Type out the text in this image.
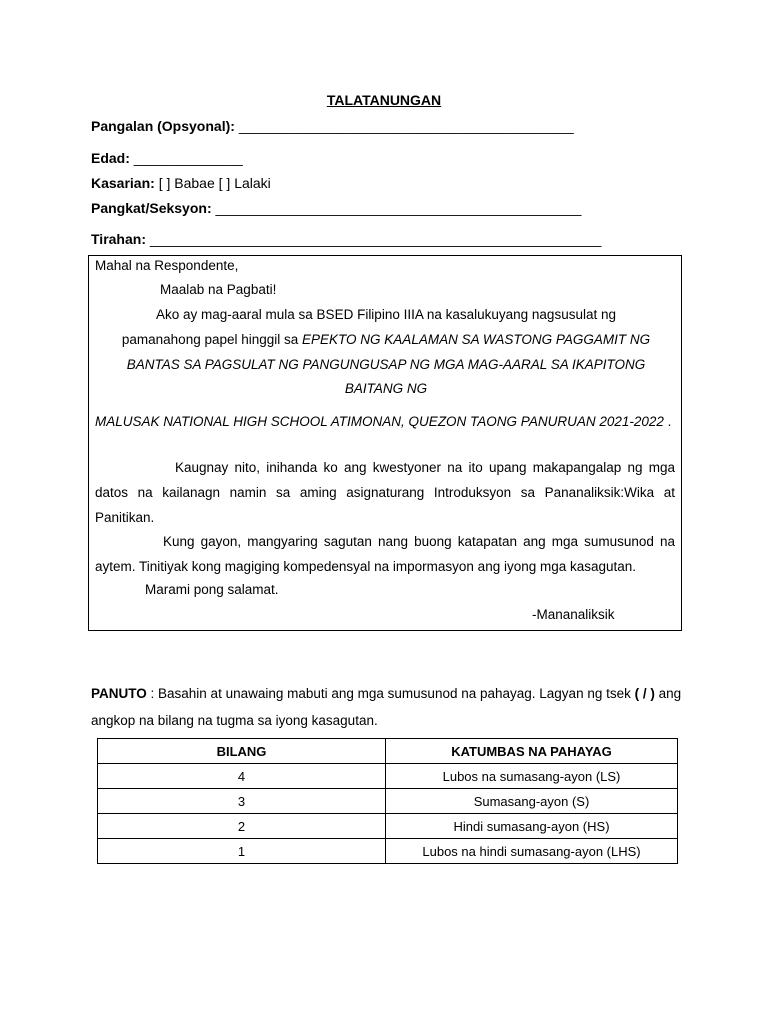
TALATANUNGAN
Pangalan (Opsyonal): ___________________________________________
Edad: ______________
Kasarian: [ ] Babae [ ] Lalaki
Pangkat/Seksyon: _______________________________________________
Tirahan: __________________________________________________________
Mahal na Respondente,
Maalab na Pagbati!
Ako ay mag-aaral mula sa BSED Filipino IIIA na kasalukuyang nagsusulat ng
pamanahong papel hinggil sa EPEKTO NG KAALAMAN SA WASTONG PAGGAMIT NG
BANTAS SA PAGSULAT NG PANGUNGUSAP NG MGA MAG-AARAL SA IKAPITONG
BAITANG NG
MALUSAK NATIONAL HIGH SCHOOL ATIMONAN, QUEZON TAONG PANURUAN 2021-2022 .
Kaugnay nito, inihanda ko ang kwestyoner na ito upang makapangalap ng mga datos na kailanagn namin sa aming asignaturang Introduksyon sa Pananaliksik:Wika at Panitikan.
Kung gayon, mangyaring sagutan nang buong katapatan ang mga sumusunod na aytem. Tinitiyak kong magiging kompedensyal na impormasyon ang iyong mga kasagutan.
Marami pong salamat.
-Mananaliksik
PANUTO : Basahin at unawaing mabuti ang mga sumusunod na pahayag. Lagyan ng tsek ( / ) ang angkop na bilang na tugma sa iyong kasagutan.
BILANG	KATUMBAS NA PAHAYAG
4	Lubos na sumasang-ayon (LS)
3	Sumasang-ayon (S)
2	Hindi sumasang-ayon (HS)
1	Lubos na hindi sumasang-ayon (LHS)
